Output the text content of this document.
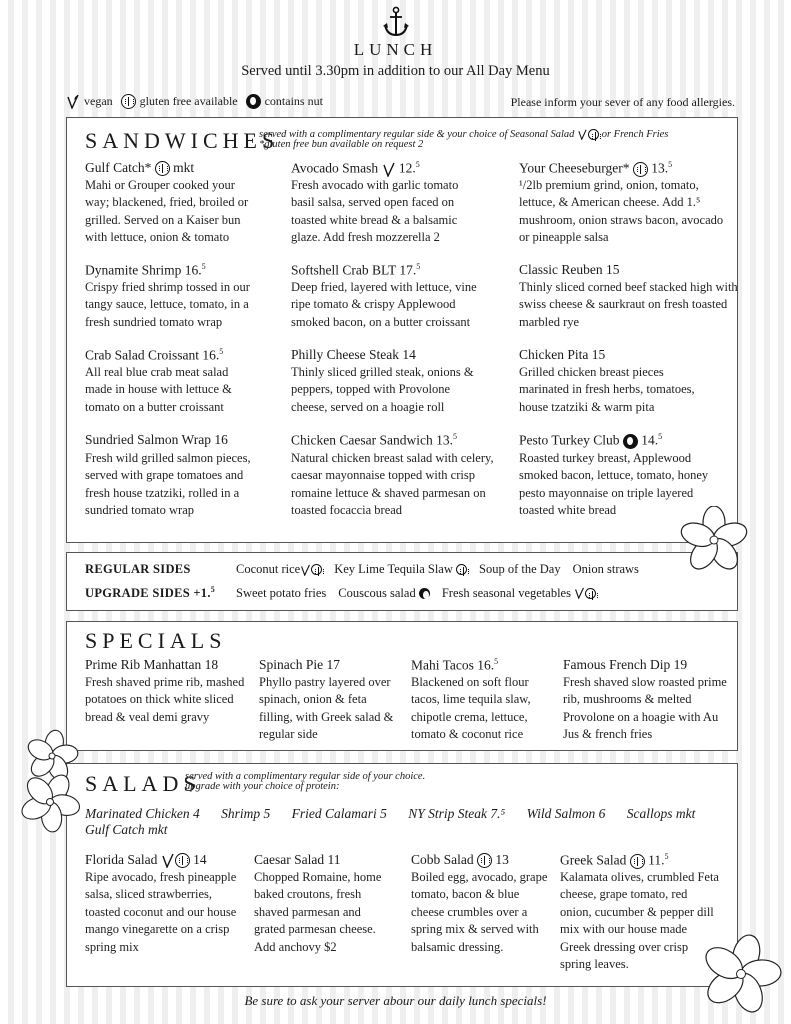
LUNCH
Served until 3.30pm in addition to our All Day Menu
vegan gluten free available contains nut	Please inform your sever of any food allergies.
SANDWICHES
served with a complimentary regular side & your choice of Seasonal Salad	or French Fries
*gluten free bun available on request 2
Gulf Catch* mkt
Mahi or Grouper cooked your way; blackened, fried, broiled or grilled. Served on a Kaiser bun with lettuce, onion & tomato
Avocado Smash 12.$^5$
Fresh avocado with garlic tomato basil salsa, served open faced on toasted white bread & a balsamic glaze. Add fresh mozzerella 2
Your Cheeseburger* 13.$^5$
¹/2lb premium grind, onion, tomato, lettuce, & American cheese. Add 1.⁵ mushroom, onion straws bacon, avocado or pineapple salsa
Dynamite Shrimp 16.$^5$
Crispy fried shrimp tossed in our tangy sauce, lettuce, tomato, in a fresh sundried tomato wrap
Softshell Crab BLT 17.$^5$
Deep fried, layered with lettuce, vine ripe tomato & crispy Applewood smoked bacon, on a butter croissant
Classic Reuben 15
Thinly sliced corned beef stacked high with swiss cheese & saurkraut on fresh toasted marbled rye
Crab Salad Croissant 16.$^5$
All real blue crab meat salad made in house with lettuce & tomato on a butter croissant
Philly Cheese Steak 14
Thinly sliced grilled steak, onions & peppers, topped with Provolone cheese, served on a hoagie roll
Chicken Pita 15
Grilled chicken breast pieces marinated in fresh herbs, tomatoes, house tzatziki & warm pita
Sundried Salmon Wrap 16
Fresh wild grilled salmon pieces, served with grape tomatoes and fresh house tzatziki, rolled in a sundried tomato wrap
Chicken Caesar Sandwich 13.$^5$
Natural chicken breast salad with celery, caesar mayonnaise topped with crisp romaine lettuce & shaved parmesan on toasted focaccia bread
Pesto Turkey Club 14.$^5$
Roasted turkey breast, Applewood smoked bacon, lettuce, tomato, honey pesto mayonnaise on triple layered toasted white bread
REGULAR SIDES	Coconut rice	Key Lime Tequila Slaw
Soup of the Day Onion straws
UPGRADE SIDES +1.$^5$	Sweet potato fries Couscous salad
Fresh seasonal vegetables

SPECIALS
Prime Rib Manhattan 18
Fresh shaved prime rib, mashed potatoes on thick white sliced bread & veal demi gravy
Spinach Pie 17
Phyllo pastry layered over spinach, onion & feta filling, with Greek salad & regular side
Mahi Tacos 16.$^5$
Blackened on soft flour tacos, lime tequila slaw, chipotle crema, lettuce, tomato & coconut rice
Famous French Dip 19
Fresh shaved slow roasted prime rib, mushrooms & melted Provolone on a hoagie with Au Jus & french fries
SALADS
served with a complimentary regular side of your choice.
upgrade with your choice of protein:
Marinated Chicken 4 Shrimp 5 Fried Calamari 5 NY Strip Steak 7.⁵ Wild Salmon 6 Scallops mkt
Gulf Catch mkt
Florida Salad	14
Ripe avocado, fresh pineapple salsa, sliced strawberries, toasted coconut and our house mango vinegarette on a crisp spring mix
Caesar Salad 11
Chopped Romaine, home baked croutons, fresh shaved parmesan and grated parmesan cheese. Add anchovy $2
Cobb Salad 13
Boiled egg, avocado, grape tomato, bacon & blue cheese crumbles over a spring mix & served with balsamic dressing.
Greek Salad 11.$^5$
Kalamata olives, crumbled Feta cheese, grape tomato, red onion, cucumber & pepper dill mix with our house made Greek dressing over crisp spring leaves.
Be sure to ask your server abour our daily lunch specials!
